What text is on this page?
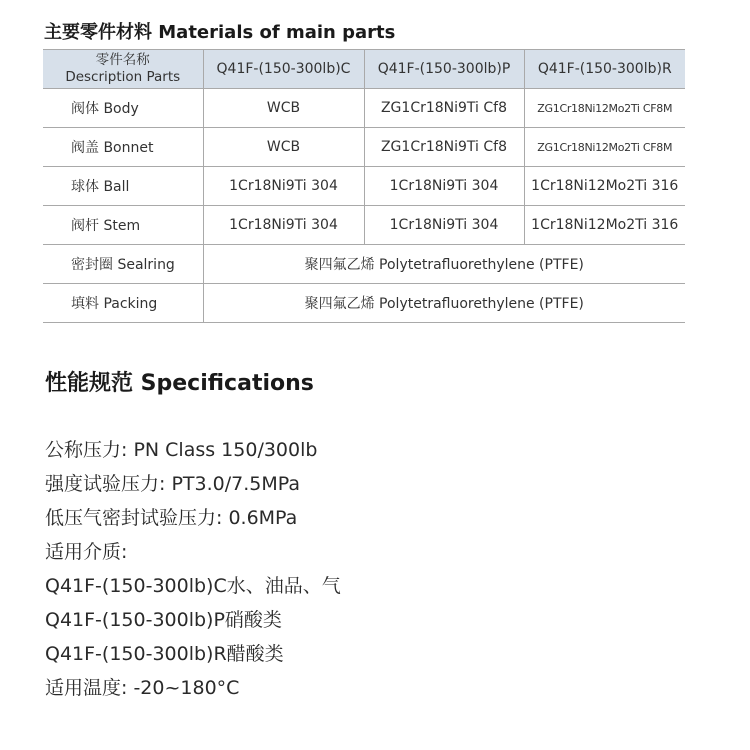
主要零件材料 Materials of main parts
零件名称
Description Parts	Q41F-(150-300lb)C	Q41F-(150-300lb)P	Q41F-(150-300lb)R
阀体 Body	WCB	ZG1Cr18Ni9Ti Cf8	ZG1Cr18Ni12Mo2Ti CF8M
阀盖 Bonnet	WCB	ZG1Cr18Ni9Ti Cf8	ZG1Cr18Ni12Mo2Ti CF8M
球体 Ball	1Cr18Ni9Ti 304	1Cr18Ni9Ti 304	1Cr18Ni12Mo2Ti 316
阀杆 Stem	1Cr18Ni9Ti 304	1Cr18Ni9Ti 304	1Cr18Ni12Mo2Ti 316
密封圈 Sealring	聚四氟乙烯 Polytetrafluorethylene (PTFE)		
填料 Packing	聚四氟乙烯 Polytetrafluorethylene (PTFE)		
性能规范 Specifications
公称压力: PN Class 150/300lb
强度试验压力: PT3.0/7.5MPa
低压气密封试验压力: 0.6MPa
适用介质:
Q41F-(150-300lb)C水、油品、气
Q41F-(150-300lb)P硝酸类
Q41F-(150-300lb)R醋酸类
适用温度: -20~180°C
